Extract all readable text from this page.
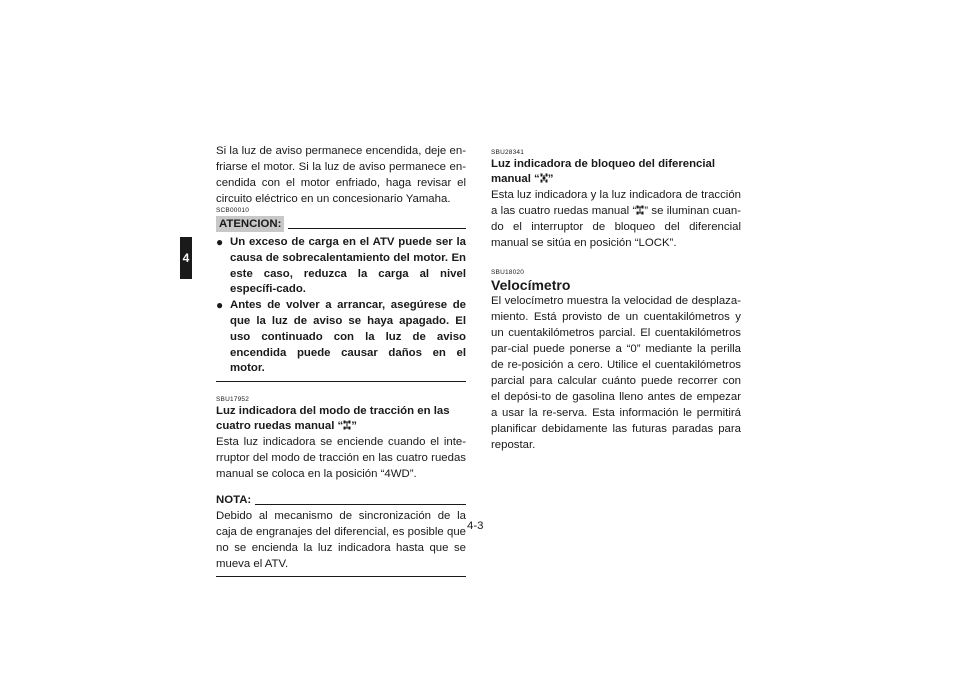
4

Si la luz de aviso permanece encendida, deje en-friarse el motor. Si la luz de aviso permanece en-cendida con el motor enfriado, haga revisar el circuito eléctrico en un concesionario Yamaha.

SCB00010
ATENCION:
● Un exceso de carga en el ATV puede ser la causa de sobrecalentamiento del motor. En este caso, reduzca la carga al nivel específi-cado.
● Antes de volver a arrancar, asegúrese de que la luz de aviso se haya apagado. El uso continuado con la luz de aviso encendida puede causar daños en el motor.
SBU17952
Luz indicadora del modo de tracción en las cuatro ruedas manual “ ”

Esta luz indicadora se enciende cuando el inte-rruptor del modo de tracción en las cuatro ruedas manual se coloca en la posición “4WD”.

NOTA:

Debido al mecanismo de sincronización de la caja de engranajes del diferencial, es posible que no se encienda la luz indicadora hasta que se mueva el ATV.

SBU28341
Luz indicadora de bloqueo del diferencial manual “ ”

Esta luz indicadora y la luz indicadora de tracción a las cuatro ruedas manual “ ” se iluminan cuan-do el interruptor de bloqueo del diferencial manual se sitúa en posición “LOCK”.

SBU18020
Velocímetro

El velocímetro muestra la velocidad de desplaza-miento. Está provisto de un cuentakilómetros y un cuentakilómetros parcial. El cuentakilómetros par-cial puede ponerse a “0” mediante la perilla de re-posición a cero. Utilice el cuentakilómetros parcial para calcular cuánto puede recorrer con el depósi-to de gasolina lleno antes de empezar a usar la re-serva. Esta información le permitirá planificar debidamente las futuras paradas para repostar.

4-3
